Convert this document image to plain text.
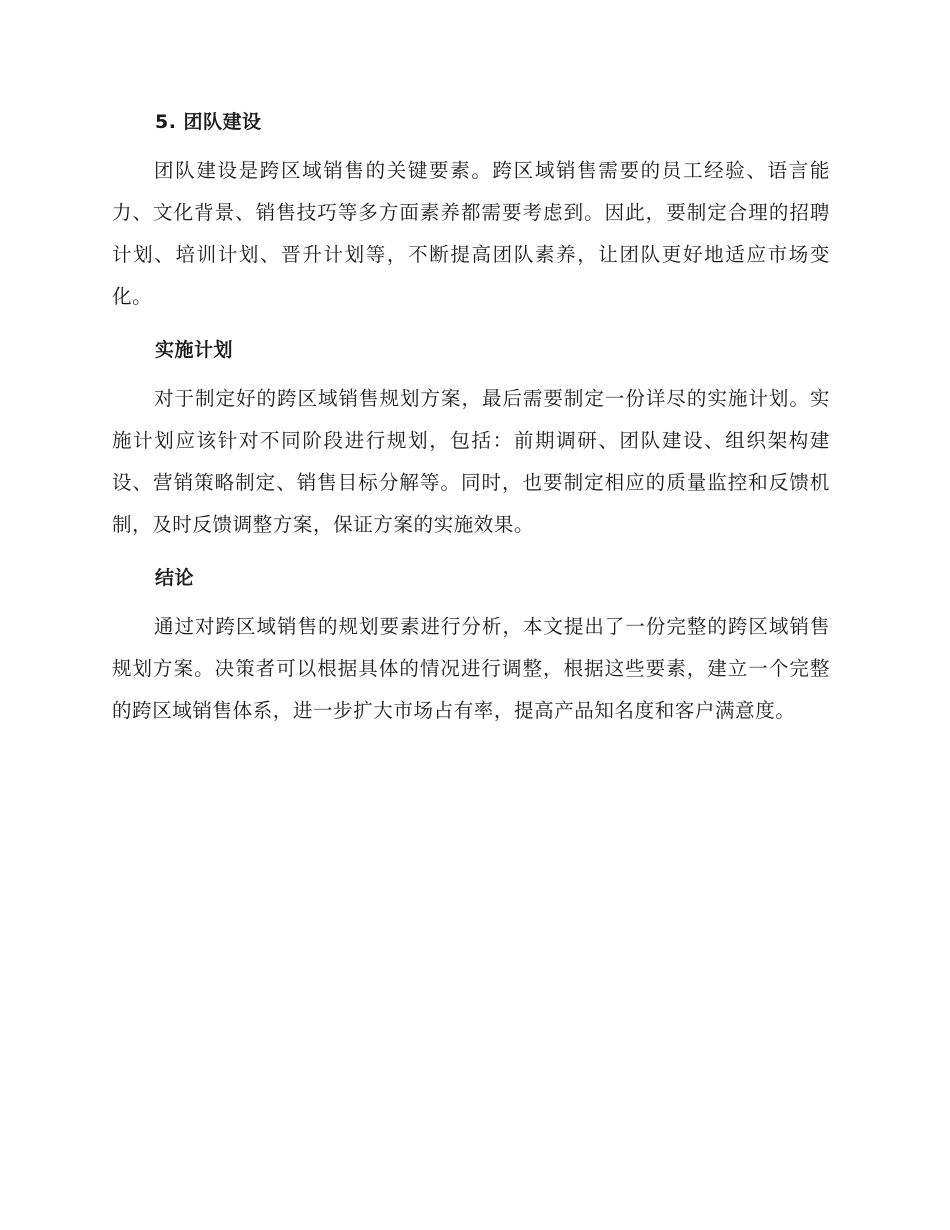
5. 团队建设
团队建设是跨区域销售的关键要素。跨区域销售需要的员工经验、语言能力、文化背景、销售技巧等多方面素养都需要考虑到。因此，要制定合理的招聘计划、培训计划、晋升计划等，不断提高团队素养，让团队更好地适应市场变化。
实施计划
对于制定好的跨区域销售规划方案，最后需要制定一份详尽的实施计划。实施计划应该针对不同阶段进行规划，包括：前期调研、团队建设、组织架构建设、营销策略制定、销售目标分解等。同时，也要制定相应的质量监控和反馈机制，及时反馈调整方案，保证方案的实施效果。
结论
通过对跨区域销售的规划要素进行分析，本文提出了一份完整的跨区域销售规划方案。决策者可以根据具体的情况进行调整，根据这些要素，建立一个完整的跨区域销售体系，进一步扩大市场占有率，提高产品知名度和客户满意度。
